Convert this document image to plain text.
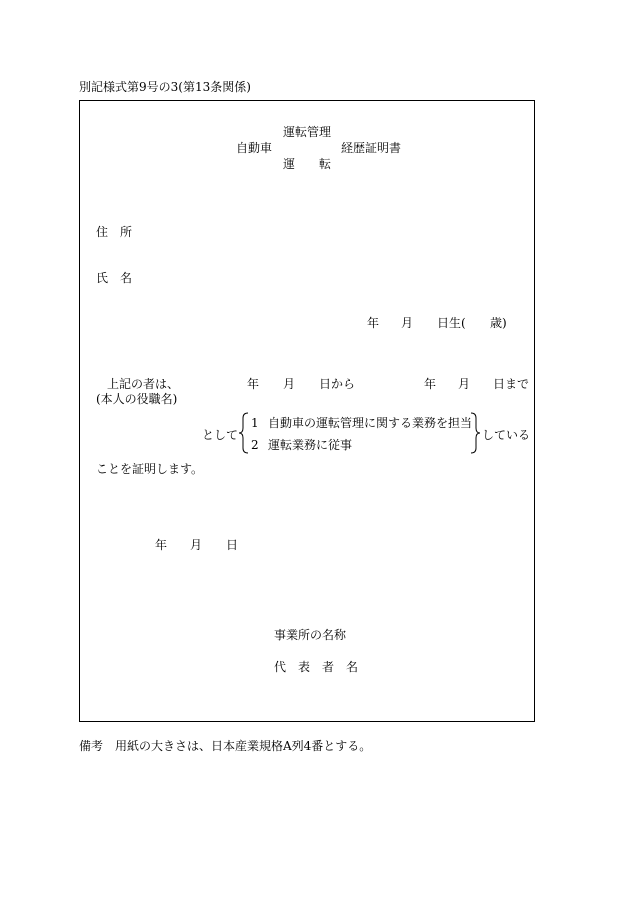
別記様式第9号の3(第13条関係)
運転管理
自動車
運　　転
経歴証明書
住　所
氏　名
年 月 日生( 歳)
上記の者は、	年 月 日から	年 月 日まで
(本人の役職名)
として
1 自動車の運転管理に関する業務を担当
2 運転業務に従事
している
ことを証明します。
年 月 日
事業所の名称
代　表　者　名
備考　用紙の大きさは、日本産業規格A列4番とする。
